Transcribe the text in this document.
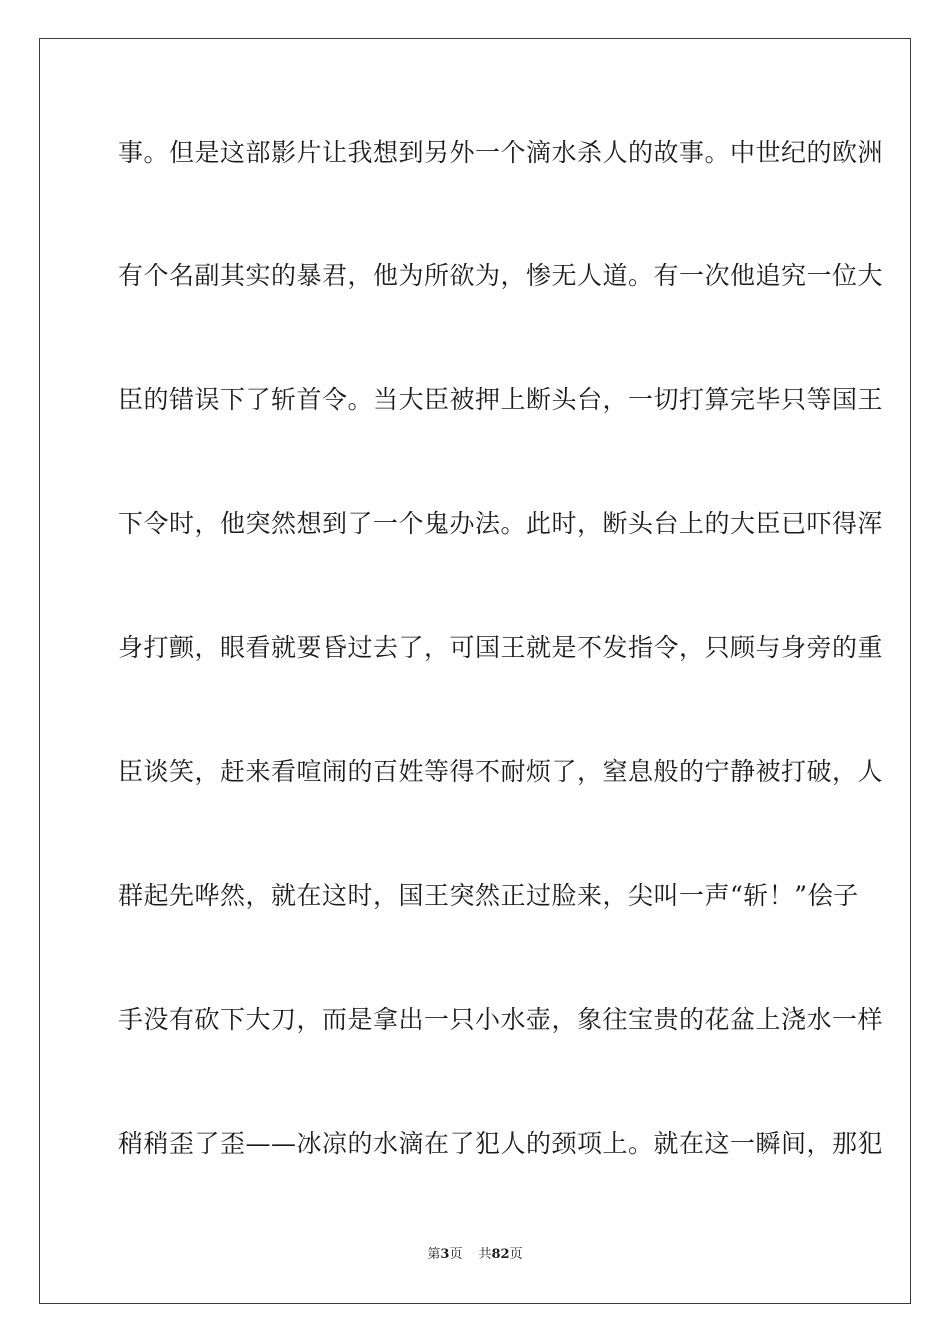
事。但是这部影片让我想到另外一个滴水杀人的故事。中世纪的欧洲
有个名副其实的暴君，他为所欲为，惨无人道。有一次他追究一位大
臣的错误下了斩首令。当大臣被押上断头台，一切打算完毕只等国王
下令时，他突然想到了一个鬼办法。此时，断头台上的大臣已吓得浑
身打颤，眼看就要昏过去了，可国王就是不发指令，只顾与身旁的重
臣谈笑，赶来看喧闹的百姓等得不耐烦了，窒息般的宁静被打破，人
群起先哗然，就在这时，国王突然正过脸来，尖叫一声“斩！”侩子
手没有砍下大刀，而是拿出一只小水壶，象往宝贵的花盆上浇水一样
稍稍歪了歪——冰凉的水滴在了犯人的颈项上。就在这一瞬间，那犯
第3页 共82页
